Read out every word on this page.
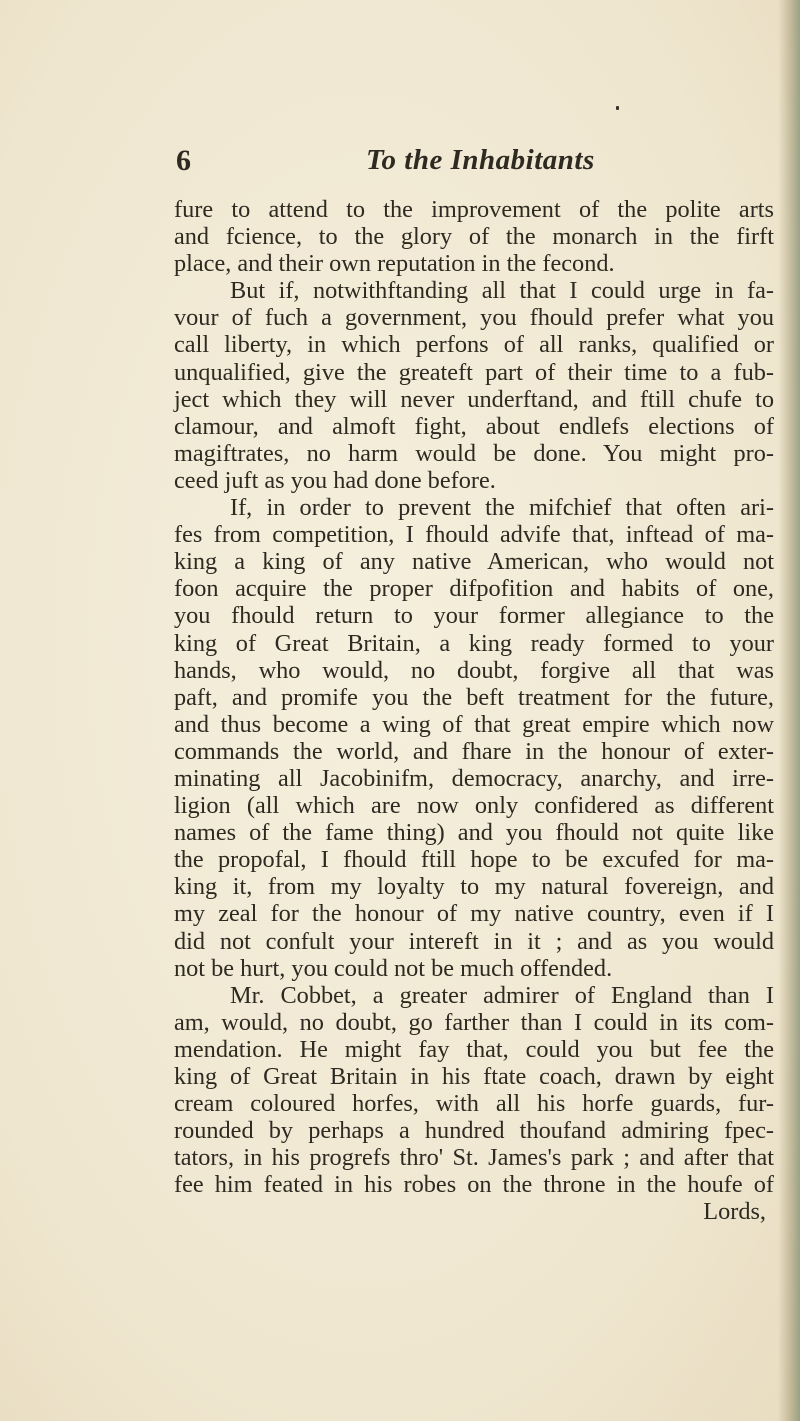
6	To the Inhabitants
fure to attend to the improvement of the polite arts
and fcience, to the glory of the monarch in the firft
place, and their own reputation in the fecond.
But if, notwithftanding all that I could urge in fa-
vour of fuch a government, you fhould prefer what you
call liberty, in which perfons of all ranks, qualified or
unqualified, give the greateft part of their time to a fub-
ject which they will never underftand, and ftill chufe to
clamour, and almoft fight, about endlefs elections of
magiftrates, no harm would be done. You might pro-
ceed juft as you had done before.
If, in order to prevent the mifchief that often ari-
fes from competition, I fhould advife that, inftead of ma-
king a king of any native American, who would not
foon acquire the proper difpofition and habits of one,
you fhould return to your former allegiance to the
king of Great Britain, a king ready formed to your
hands, who would, no doubt, forgive all that was
paft, and promife you the beft treatment for the future,
and thus become a wing of that great empire which now
commands the world, and fhare in the honour of exter-
minating all Jacobinifm, democracy, anarchy, and irre-
ligion (all which are now only confidered as different
names of the fame thing) and you fhould not quite like
the propofal, I fhould ftill hope to be excufed for ma-
king it, from my loyalty to my natural fovereign, and
my zeal for the honour of my native country, even if I
did not confult your intereft in it ; and as you would
not be hurt, you could not be much offended.
Mr. Cobbet, a greater admirer of England than I
am, would, no doubt, go farther than I could in its com-
mendation. He might fay that, could you but fee the
king of Great Britain in his ftate coach, drawn by eight
cream coloured horfes, with all his horfe guards, fur-
rounded by perhaps a hundred thoufand admiring fpec-
tators, in his progrefs thro' St. James's park ; and after that
fee him feated in his robes on the throne in the houfe of
Lords,
